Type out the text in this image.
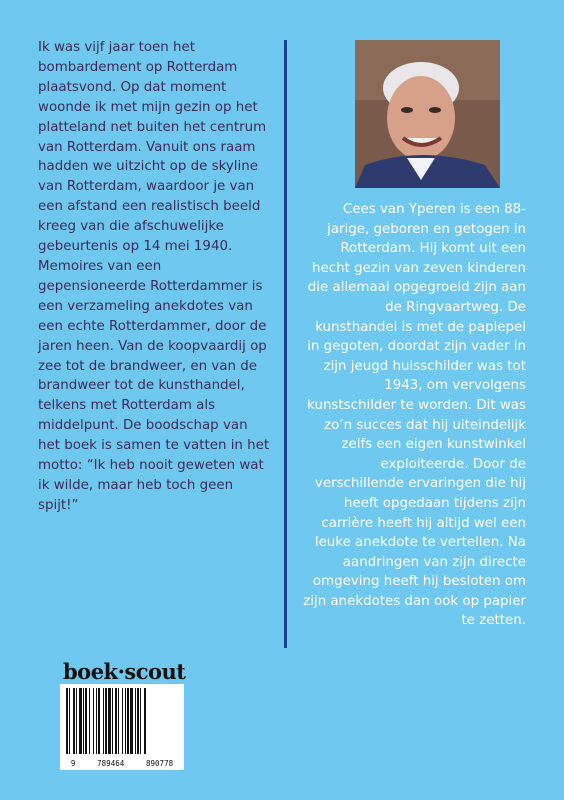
Ik was vijf jaar toen het bombardement op Rotterdam plaatsvond. Op dat moment woonde ik met mijn gezin op het platteland net buiten het centrum van Rotterdam. Vanuit ons raam hadden we uitzicht op de skyline van Rotterdam, waardoor je van een afstand een realistisch beeld kreeg van die afschuwelijke gebeurtenis op 14 mei 1940. Memoires van een gepensioneerde Rotterdammer is een verzameling anekdotes van een echte Rotterdammer, door de jaren heen. Van de koopvaardij op zee tot de brandweer, en van de brandweer tot de kunsthandel, telkens met Rotterdam als middelpunt. De boodschap van het boek is samen te vatten in het motto: “Ik heb nooit geweten wat ik wilde, maar heb toch geen spijt!”

Cees van Yperen is een 88-jarige, geboren en getogen in Rotterdam. Hij komt uit een hecht gezin van zeven kinderen die allemaal opgegroeid zijn aan de Ringvaartweg. De kunsthandel is met de paplepel in gegoten, doordat zijn vader in zijn jeugd huisschilder was tot 1943, om vervolgens kunstschilder te worden. Dit was zo’n succes dat hij uiteindelijk zelfs een eigen kunstwinkel exploiteerde. Door de verschillende ervaringen die hij heeft opgedaan tijdens zijn carrière heeft hij altijd wel een leuke anekdote te vertellen. Na aandringen van zijn directe omgeving heeft hij besloten om zijn anekdotes dan ook op papier te zetten.

boek·scout
9	789464	890778
